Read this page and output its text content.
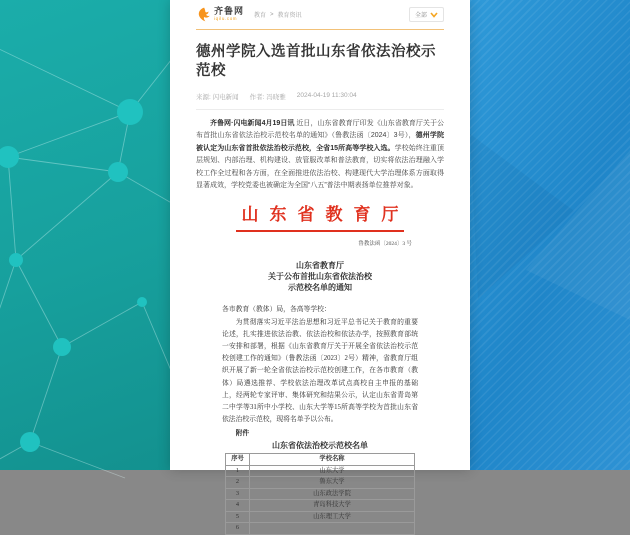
齐鲁网
iqilu.com	教育 > 教育资讯	全部
德州学院入选首批山东省依法治校示范校
来源: 闪电新闻 作者: 冯晓雅 2024-04-19 11:30:04

齐鲁网·闪电新闻4月19日讯 近日，山东省教育厅印发《山东省教育厅关于公布首批山东省依法治校示范校名单的通知》（鲁教法函〔2024〕3号），德州学院被认定为山东省首批依法治校示范校，全省15所高等学校入选。学校始终注重顶层规划、内部治理、机构建设、放管服改革和普法教育，切实将依法治理融入学校工作全过程和各方面，在全面推进依法治校、构建现代大学治理体系方面取得显著成效，学校党委也被确定为全国“八五”普法中期表扬单位推荐对象。

山东省教育厅
鲁教法函〔2024〕3 号
山东省教育厅
关于公布首批山东省依法治校
示范校名单的通知

各市教育（教体）局，各高等学校：

为贯彻落实习近平法治思想和习近平总书记关于教育的重要论述，扎实推进依法治教、依法治校和依法办学，按照教育部统一安排和部署，根据《山东省教育厅关于开展全省依法治校示范校创建工作的通知》（鲁教法函〔2023〕2号）精神，省教育厅组织开展了新一轮全省依法治校示范校创建工作，在各市教育（教体）局遴选推荐、学校依法治理改革试点高校自主申报的基础上，经两轮专家评审、集体研究和结果公示，认定山东省青岛第二中学等31所中小学校、山东大学等15所高等学校为首批山东省依法治校示范校，现将名单予以公布。

附件

山东省依法治校示范校名单
序号	学校名称
1	山东大学
2	鲁东大学
3	山东政法学院
4	青岛科技大学
5	山东理工大学
6	
